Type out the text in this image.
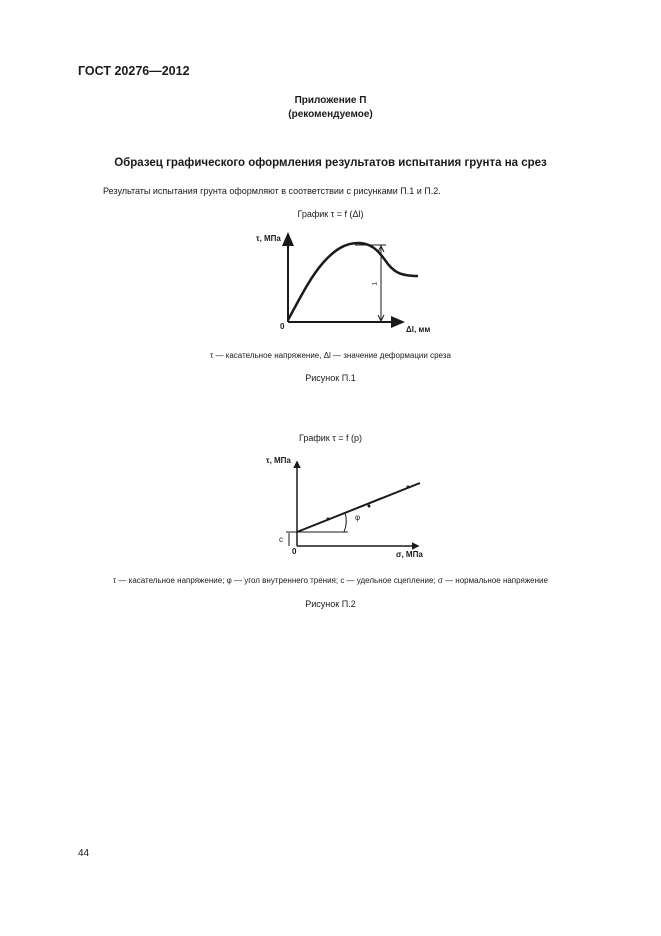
ГОСТ 20276—2012
Приложение П
(рекомендуемое)
Образец графического оформления результатов испытания грунта на срез
Результаты испытания грунта оформляют в соответствии с рисунками П.1 и П.2.
График τ = f (Δl)
τ, МПа
Δl, мм
0
τ
τ, МПа
σ, МПа
0
c
φ
τ — касательное напряжение, Δl — значение деформации среза
Рисунок П.1
График τ = f (p)
τ — касательное напряжение; φ — угол внутреннего трения; c — удельное сцепление; σ — нормальное напряжение
Рисунок П.2
44
